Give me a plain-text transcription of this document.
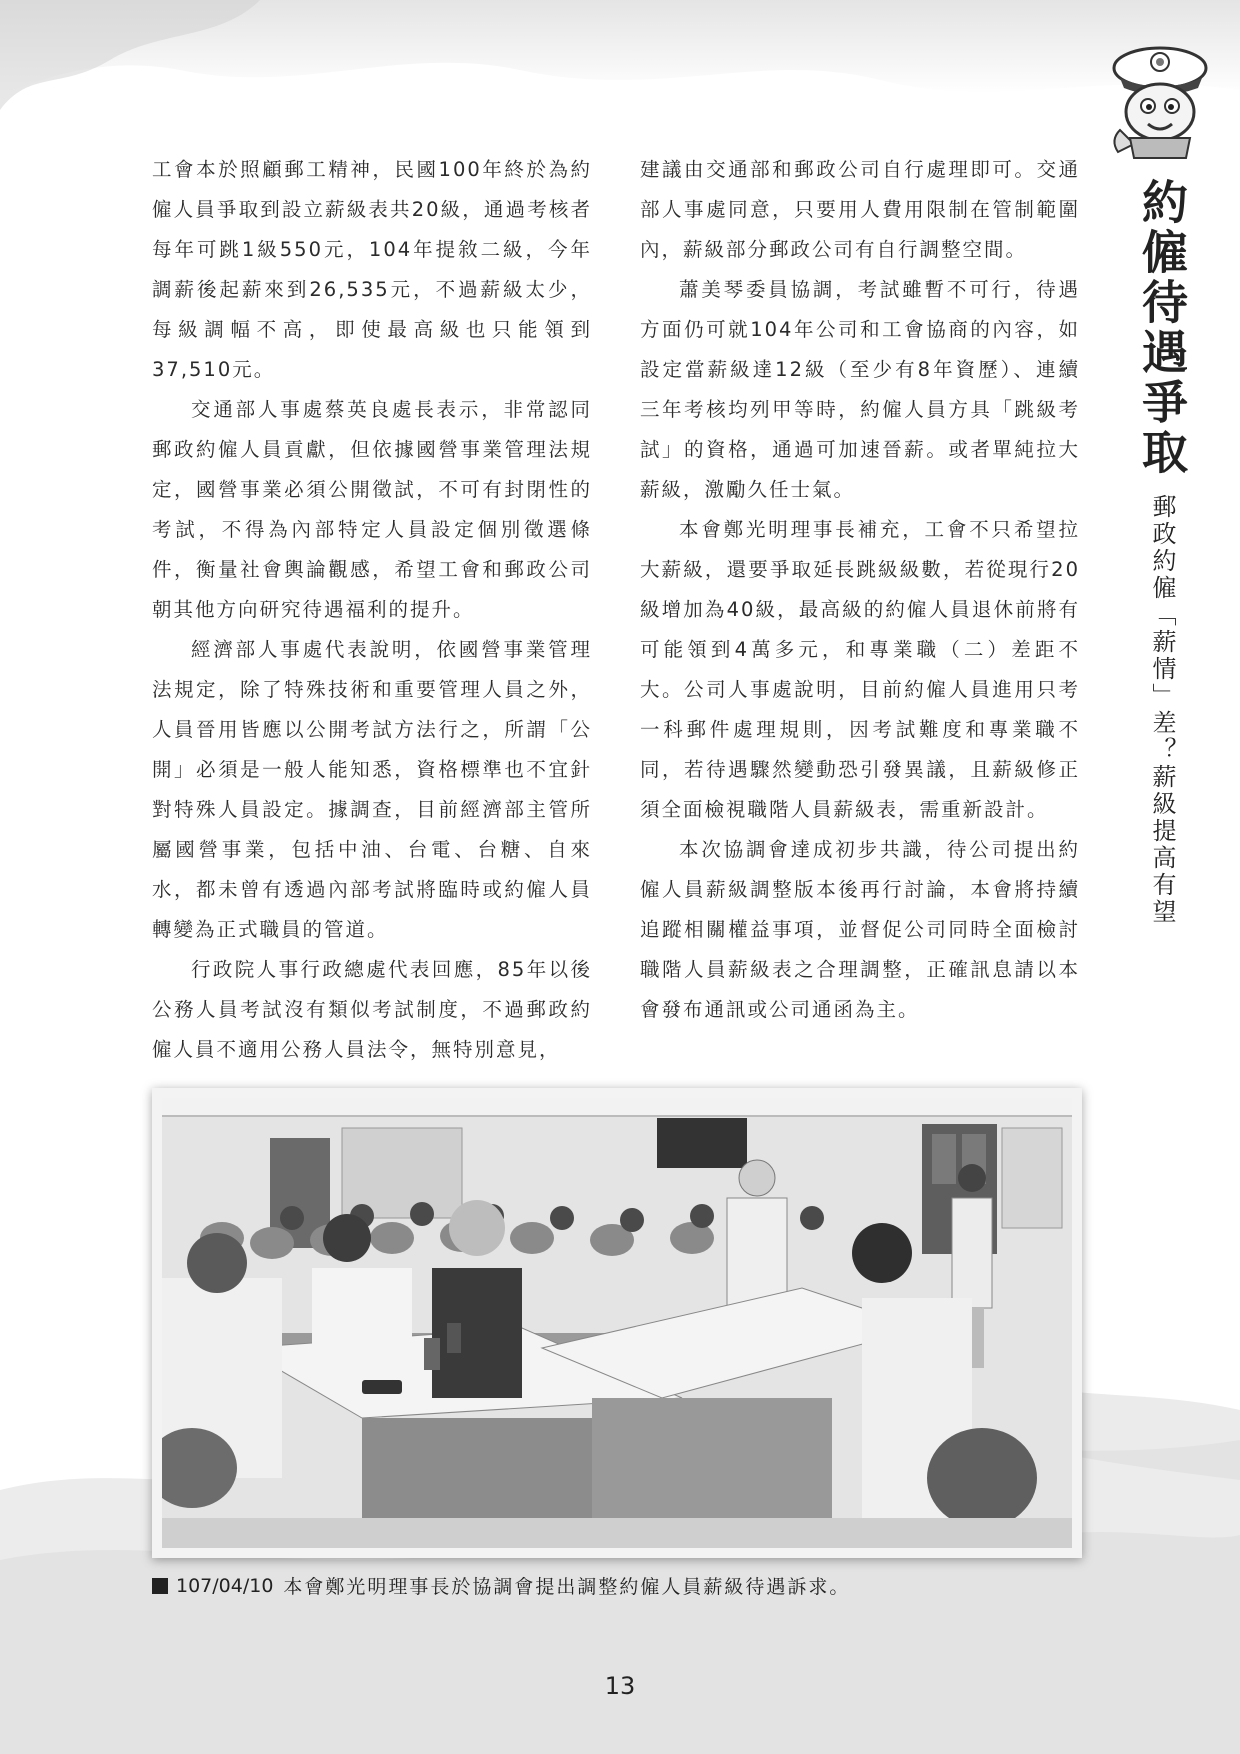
約僱待遇爭取
郵政約僱「薪情」差？薪級提高有望

工會本於照顧郵工精神，民國100年終於為約僱人員爭取到設立薪級表共20級，通過考核者每年可跳1級550元，104年提敘二級，今年調薪後起薪來到26,535元，不過薪級太少，每級調幅不高，即使最高級也只能領到37,510元。

交通部人事處蔡英良處長表示，非常認同郵政約僱人員貢獻，但依據國營事業管理法規定，國營事業必須公開徵試，不可有封閉性的考試，不得為內部特定人員設定個別徵選條件，衡量社會輿論觀感，希望工會和郵政公司朝其他方向研究待遇福利的提升。

經濟部人事處代表說明，依國營事業管理法規定，除了特殊技術和重要管理人員之外，人員晉用皆應以公開考試方法行之，所謂「公開」必須是一般人能知悉，資格標準也不宜針對特殊人員設定。據調查，目前經濟部主管所屬國營事業，包括中油、台電、台糖、自來水，都未曾有透過內部考試將臨時或約僱人員轉變為正式職員的管道。

行政院人事行政總處代表回應，85年以後公務人員考試沒有類似考試制度，不過郵政約僱人員不適用公務人員法令，無特別意見，

建議由交通部和郵政公司自行處理即可。交通部人事處同意，只要用人費用限制在管制範圍內，薪級部分郵政公司有自行調整空間。

蕭美琴委員協調，考試雖暫不可行，待遇方面仍可就104年公司和工會協商的內容，如設定當薪級達12級（至少有8年資歷）、連續三年考核均列甲等時，約僱人員方具「跳級考試」的資格，通過可加速晉薪。或者單純拉大薪級，激勵久任士氣。

本會鄭光明理事長補充，工會不只希望拉大薪級，還要爭取延長跳級級數，若從現行20級增加為40級，最高級的約僱人員退休前將有可能領到4萬多元，和專業職（二）差距不大。公司人事處說明，目前約僱人員進用只考一科郵件處理規則，因考試難度和專業職不同，若待遇驟然變動恐引發異議，且薪級修正須全面檢視職階人員薪級表，需重新設計。

本次協調會達成初步共識，待公司提出約僱人員薪級調整版本後再行討論，本會將持續追蹤相關權益事項，並督促公司同時全面檢討職階人員薪級表之合理調整，正確訊息請以本會發布通訊或公司通函為主。

107/04/10 本會鄭光明理事長於協調會提出調整約僱人員薪級待遇訴求。
13
